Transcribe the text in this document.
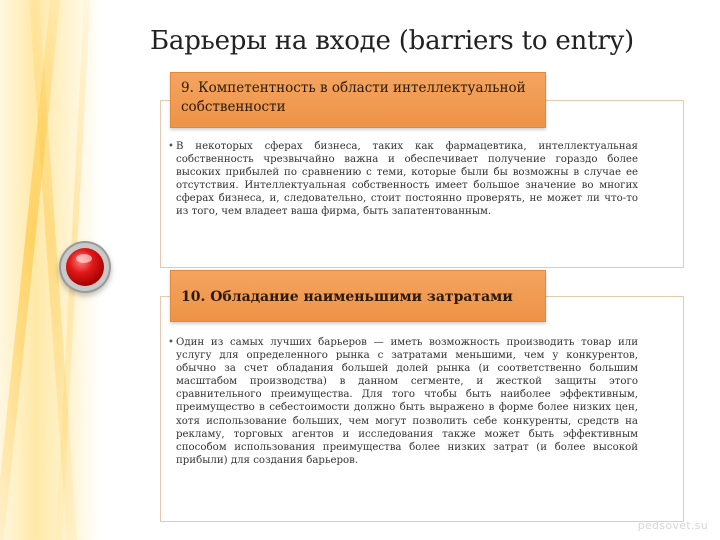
Барьеры на входе (barriers to entry)
9. Компетентность в области интеллектуальной собственности
• В некоторых сферах бизнеса, таких как фармацевтика, интеллектуальная собственность чрезвычайно важна и обеспечивает получение гораздо более высоких прибылей по сравнению с теми, которые были бы возможны в случае ее отсутствия. Интеллектуальная собственность имеет большое значение во многих сферах бизнеса, и, следовательно, стоит постоянно проверять, не может ли что-то из того, чем владеет ваша фирма, быть запатентованным.
10. Обладание наименьшими затратами
• Один из самых лучших барьеров — иметь возможность производить товар или услугу для определенного рынка с затратами меньшими, чем у конкурентов, обычно за счет обладания большей долей рынка (и соответственно большим масштабом производства) в данном сегменте, и жесткой защиты этого сравнительного преимущества. Для того чтобы быть наиболее эффективным, преимущество в себестоимости должно быть выражено в форме более низких цен, хотя использование больших, чем могут позволить себе конкуренты, средств на рекламу, торговых агентов и исследования также может быть эффективным способом использования преимущества более низких затрат (и более высокой прибыли) для создания барьеров.
pedsovet.su
